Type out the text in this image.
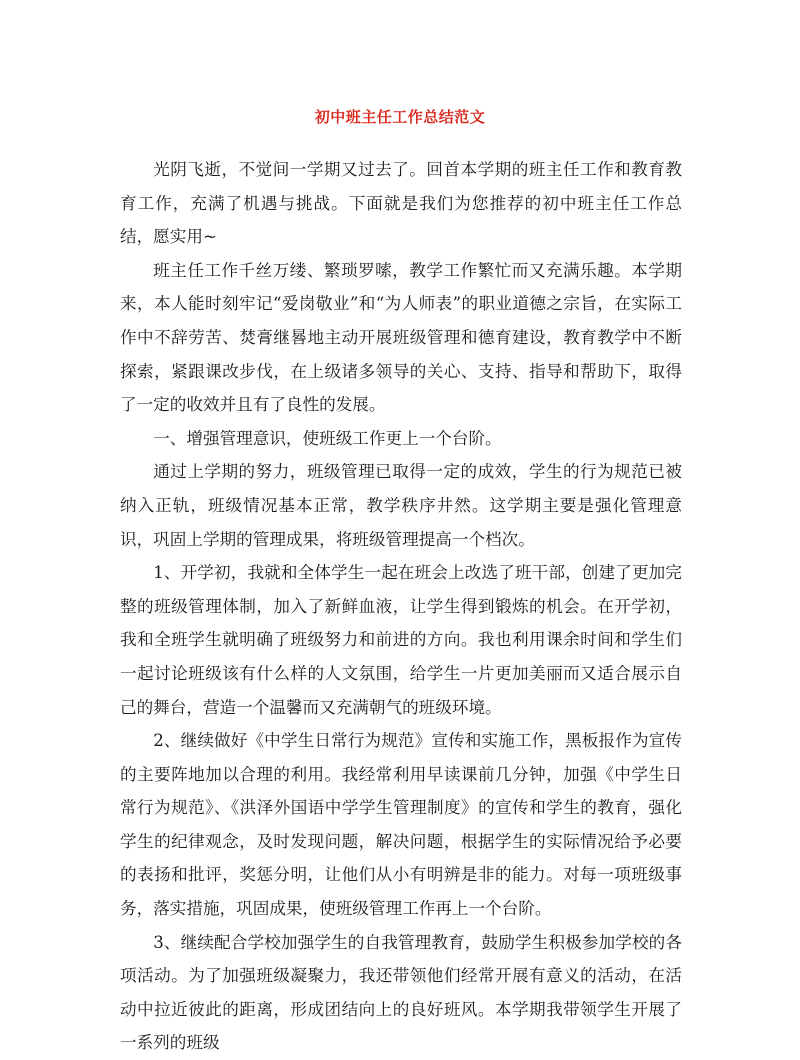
初中班主任工作总结范文

光阴飞逝，不觉间一学期又过去了。回首本学期的班主任工作和教育教育工作，充满了机遇与挑战。下面就是我们为您推荐的初中班主任工作总结，愿实用~

班主任工作千丝万缕、繁琐罗嗦，教学工作繁忙而又充满乐趣。本学期来，本人能时刻牢记“爱岗敬业”和“为人师表”的职业道德之宗旨，在实际工作中不辞劳苦、焚膏继晷地主动开展班级管理和德育建设，教育教学中不断探索，紧跟课改步伐，在上级诸多领导的关心、支持、指导和帮助下，取得了一定的收效并且有了良性的发展。

一、增强管理意识，使班级工作更上一个台阶。

通过上学期的努力，班级管理已取得一定的成效，学生的行为规范已被纳入正轨，班级情况基本正常，教学秩序井然。这学期主要是强化管理意识，巩固上学期的管理成果，将班级管理提高一个档次。

1、开学初，我就和全体学生一起在班会上改选了班干部，创建了更加完整的班级管理体制，加入了新鲜血液，让学生得到锻炼的机会。在开学初，我和全班学生就明确了班级努力和前进的方向。我也利用课余时间和学生们一起讨论班级该有什么样的人文氛围，给学生一片更加美丽而又适合展示自己的舞台，营造一个温馨而又充满朝气的班级环境。

2、继续做好《中学生日常行为规范》宣传和实施工作，黑板报作为宣传的主要阵地加以合理的利用。我经常利用早读课前几分钟，加强《中学生日常行为规范》、《洪泽外国语中学学生管理制度》的宣传和学生的教育，强化学生的纪律观念，及时发现问题，解决问题，根据学生的实际情况给予必要的表扬和批评，奖惩分明，让他们从小有明辨是非的能力。对每一项班级事务，落实措施，巩固成果，使班级管理工作再上一个台阶。

3、继续配合学校加强学生的自我管理教育，鼓励学生积极参加学校的各项活动。为了加强班级凝聚力，我还带领他们经常开展有意义的活动，在活动中拉近彼此的距离，形成团结向上的良好班风。本学期我带领学生开展了一系列的班级
